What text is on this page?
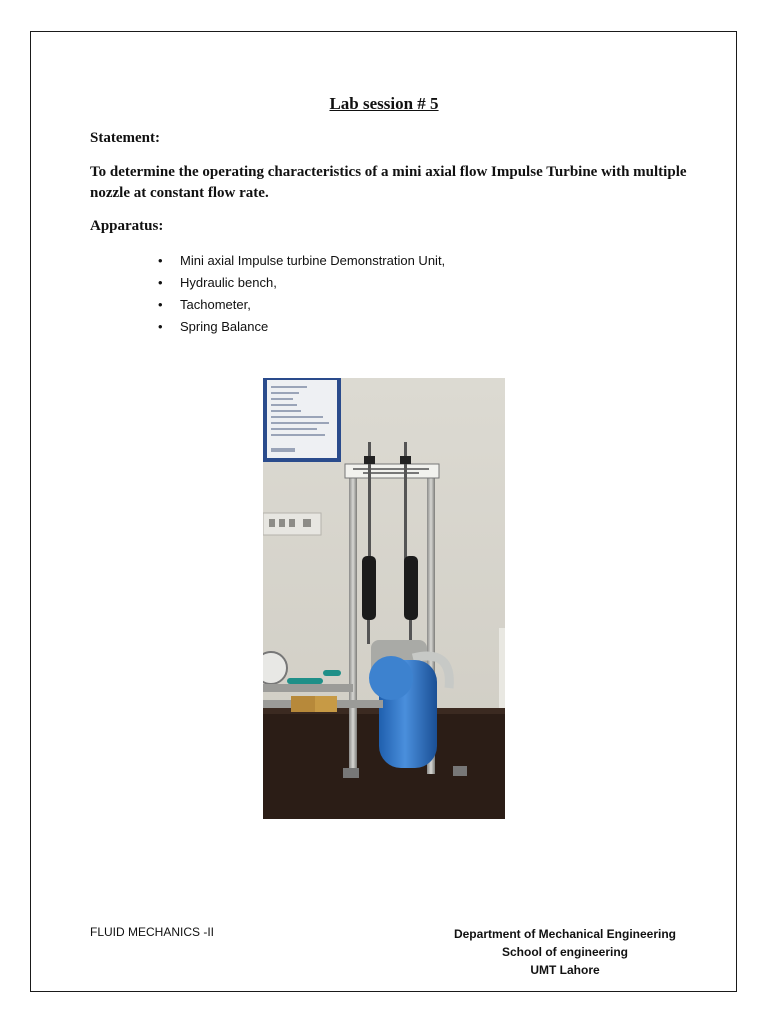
Lab session # 5
Statement:
To determine the operating characteristics of a mini axial flow Impulse Turbine with multiple nozzle at constant flow rate.
Apparatus:
• Mini axial Impulse turbine Demonstration Unit,
• Hydraulic bench,
• Tachometer,
• Spring Balance
FLUID MECHANICS -II	Department of Mechanical Engineering
School of engineering
UMT Lahore
